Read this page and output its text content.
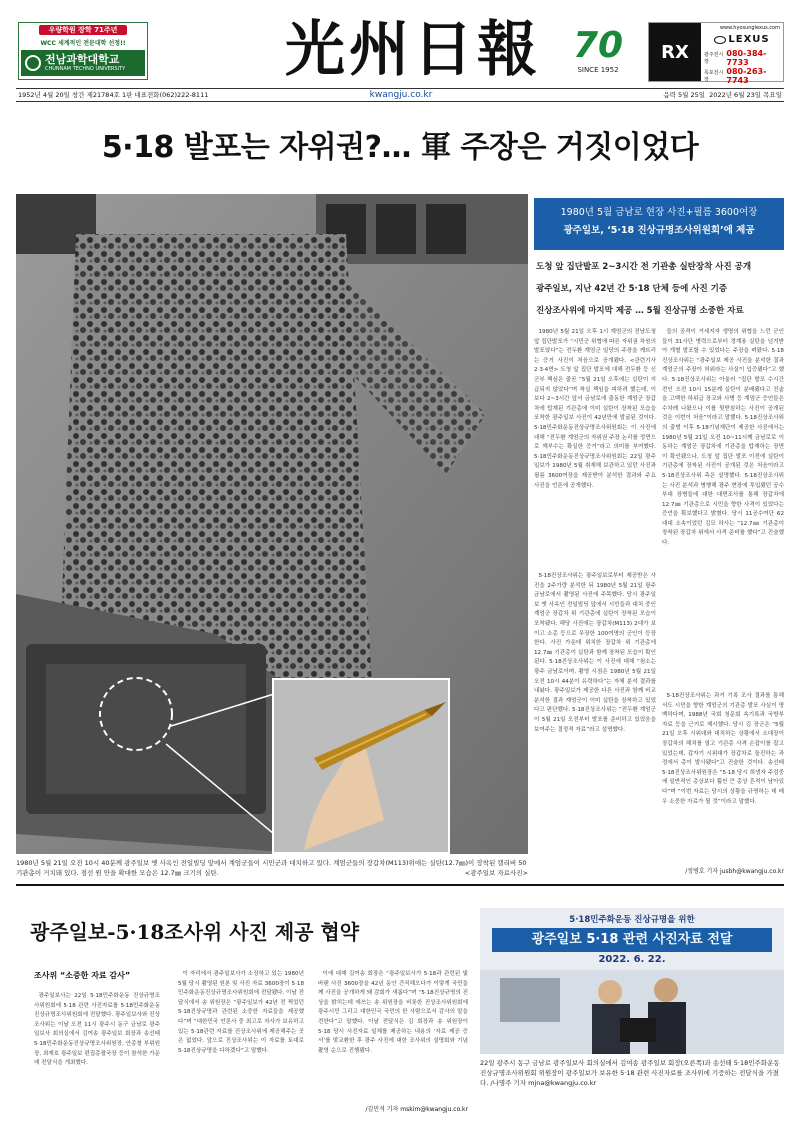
우량학원 장학 71주년
WCC 세계적인 전문대학 선정!!
전남과학대학교
CHUNNAM TECHNO UNIVERSITY	光州日報 70
SINCE 1952
RX
www.hyosunglexus.com
LEXUS
광주전시장
080-384-7733
목포전시장
080-263-7743
1952년 4월 20일 창간 제21784호 1판 대표전화(062)222-8111	kwangju.co.kr	음력 5월 25일 2022년 6월 23일 목요일
5·18 발포는 자위권?… 軍 주장은 거짓이었다
1980년 5월 21일 오전 10시 40분께 광주일보 옛 사옥인 전일빌딩 앞에서 계엄군들이 시민군과 대치하고 있다. 계엄군들의 장갑차(M113)위에는 실탄(12.7㎜)이 장착된 캘리버 50 기관총이 거치돼 있다. 점선 원 안을 확대한 모습은 12.7㎜ 크기의 실탄.	<광주일보 자료사진>
1980년 5월 금남로 현장 사진+필름 3600여장
광주일보, ‘5·18 진상규명조사위원회’에 제공
도청 앞 집단발포 2~3시간 전 기관총 실탄장착 사진 공개
광주일보, 지난 42년 간 5·18 단체 등에 사진 기증
진상조사위에 마지막 제공 … 5월 진상규명 소중한 자료
1980년 5월 21일 오후 1시 계엄군의 전남도청 앞 집단발포가 “시민군 위협에 따른 자위권 차원의 발포였다”는 전두환 계엄군 일당의 주장을 깨뜨리는 증거 사진이 처음으로 공개됐다. <관련기사 2·3·4면> 도청 앞 집단 발포에 대해 전두환 등 신군부 핵심은 줄곧 “5월 21일 오후에는 실탄이 지급되지 않았다”며 착실 책임을 피하려 했는데, 이보다 2~3시간 앞서 금남로에 출동한 계엄군 장갑차에 탑재된 기관총에 이미 실탄이 장착된 모습을 포착한 광주일보 사진이 42년만에 발굴된 것이다. 5·18민주화운동진상규명조사위원회는 이 사진에 대해 “전두환 계엄군의 자위권 주장 논리를 정면으로 깨부수는 확실한 증거”라고 의미를 부여했다. 5·18민주화운동진상규명조사위원회는 22일 광주일보가 1980년 5월 취재해 보관하고 있던 사진과 필름 3600여장을 제공받아 분석한 결과와 주요 사진을 언론에 공개했다.
5·18진상조사위는 광주일보로부터 제공받은 사진을 2주가량 분석한 뒤 1980년 5월 21일 광주 금남로에서 촬영된 사진에 주목했다. 당시 광주일보 옛 사옥인 전일빌딩 앞에서 시민들과 대치 중인 계엄군 장갑차 위 기관총에 실탄이 장착된 모습이 포착됐다. 해당 사진에는 장갑차(M113) 2대가 보이고 소총 등으로 무장한 100여명의 군인이 등장한다. 사진 가운데 위치한 장갑차 위 기관총에 12.7㎜ 기관총이 실탄과 함께 장착된 모습이 확인된다. 5·18진상조사위는 이 사진에 대해 “첨소는 광주 금남로이며, 촬영 시점은 1980년 5월 21일 오전 10시 44분이 유력하다”는 자체 분석 결과를 내놨다. 광주일보가 제공한 다른 사진과 함께 비교 분석한 결과 계엄군이 이미 실탄을 장착하고 있었다고 판단했다. 5·18진상조사위는 “전두환 계엄군이 5월 21일 오전부터 발포를 준비하고 있었음을 보여주는 결정적 자료”라고 설명했다.
들의 공격이 거세지자 생명의 위협을 느낀 군인들이 31사단 병력으로부터 경계용 실탄을 넘겨받아 개별 발포할 수 있었다는 주장을 펴왔다. 5·18진상조사위는 “광주일보 제공 사진을 분석한 결과 계엄군의 주장이 허위라는 사실이 입증됐다”고 했다. 5·18진상조사위는 아울러 “집단 발포 수시간 전인 오전 10시 15분께 실탄이 분배됐다고 진술을 고백한 하위급 장교와 사병 등 계엄군 증언들은 수차례 나왔으나 이를 뒷받침하는 사진이 공개된 것은 이번이 처음”이라고 말했다. 5·18진상조사위의 출범 이후 5·18기념재단이 제공한 사진에서는 1980년 5월 21일 오전 10~11시께 금남로로 이동하는 계엄군 장갑차에 기관총을 탑재하는 장면이 확인됐으나, 도청 앞 집단 발포 이전에 실탄이 기관총에 장착된 사진이 공개된 것은 처음이라고 5·18진상조사위 측은 설명했다. 5·18진상조사위는 사진 분석과 병행해 광주 현장에 투입됐던 공수부대 장병들에 대한 대면조사를 통해 장갑차에 12.7㎜ 기관총으로 시민을 향한 사격이 있었다는 증언을 확보했다고 밝혔다. 당시 11공수여단 62대대 소속이었던 김모 하사는 “12.7㎜ 기관총이 장착된 장갑차 위에서 사격 준비를 했다”고 진술했다.
5·18진상조사위는 과거 기록 조사 결과를 통해서도 시민을 향한 계엄군의 기관총 발포 사실이 명백하다며, 1988년 국회 청문회 속기록과 국방부 자료 등을 근거로 제시했다. 당시 김 장군은 “5월 21일 오후 시위대와 대치하는 상황에서 소대장이 장갑차의 해치를 열고 기관총 사격 손잡이를 잡고 있었는데, 갑자기 시위대가 장갑차로 돌진하는 과정에서 총이 발사됐다”고 진술한 것이다. 송선태 5·18진상조사위원장은 “5·18 당시 희생자 주검중에 일반적인 총상보다 훨씬 큰 총상 흔적이 남아있다”며 “이번 자료는 당시의 상황을 규명하는 데 매우 소중한 자료가 될 것”이라고 말했다.
/정병호 기자 jusbh@kwangju.co.kr
광주일보-5·18조사위 사진 제공 협약
조사위 “소중한 자료 감사”
광주일보사는 22일 5·18민주화운동 진상규명조사위원회에 5·18 관련 사진자료를 5·18민주화운동진상규명조사위원회에 전달했다. 광주일보사와 진상조사위는 이날 오전 11시 광주시 동구 금남로 광주일보사 회의실에서 김여송 광주일보 회장과 송선태 5·18민주화운동진상규명조사위원장, 안종철 부위원장, 최재호 광주일보 편집총괄국장 등이 참석한 가운데 전달식을 개최했다.
이 자리에서 광주일보사가 소장하고 있는 1980년 5월 당시 촬영된 원본 및 사진 자료 3600장이 5·18민주화운동진상규명조사위원회에 전달됐다. 이날 전달식에서 송 위원장은 “광주일보가 42년 전 찍었던 5·18진상규명과 관련된 소중한 자료들을 제공했다”며 “대한민국 언론사 중 최고로 자사가 보유하고 있는 5·18관련 자료를 진상조사위에 제공해주는 곳은 없었다. 앞으로 진상조사위는 이 자료를 토대로 5·18진상규명을 다하겠다”고 말했다.
이에 대해 김여송 회장은 “광주일보사가 5·18과 관련된 빛바랜 사진 3600장을 42년 동안 간직해오다가 이렇게 국민들께 사진을 공개하게 돼 감회가 새롭다”며 “5·18진상규명의 진상을 밝히는데 애쓰는 송 위원장을 비롯한 진상조사위원회에 광주시민 그리고 대한민국 국민의 한 사람으로서 감사의 말을 전한다”고 말했다. 이날 전달식은 김 회장과 송 위원장이 5·18 당시 사진자료 일체를 제공하는 내용의 ‘자료 제공 증서’를 맞교환한 후 광주 사진에 대한 조사위의 설명회와 기념촬영 순으로 진행됐다.
/김민석 기자 mskim@kwangju.co.kr
5·18민주화운동 진상규명을 위한
광주일보 5·18 관련 사진자료 전달
2022. 6. 22.
22일 광주시 동구 금남로 광주일보사 회의실에서 김여송 광주일보 회장(오른쪽)과 송선태 5·18민주화운동 진상규명조사위원회 위원장이 광주일보가 보유한 5·18 관련 사진자료를 조사위에 기증하는 전달식을 가졌다. /나명주 기자 mjna@kwangju.co.kr
